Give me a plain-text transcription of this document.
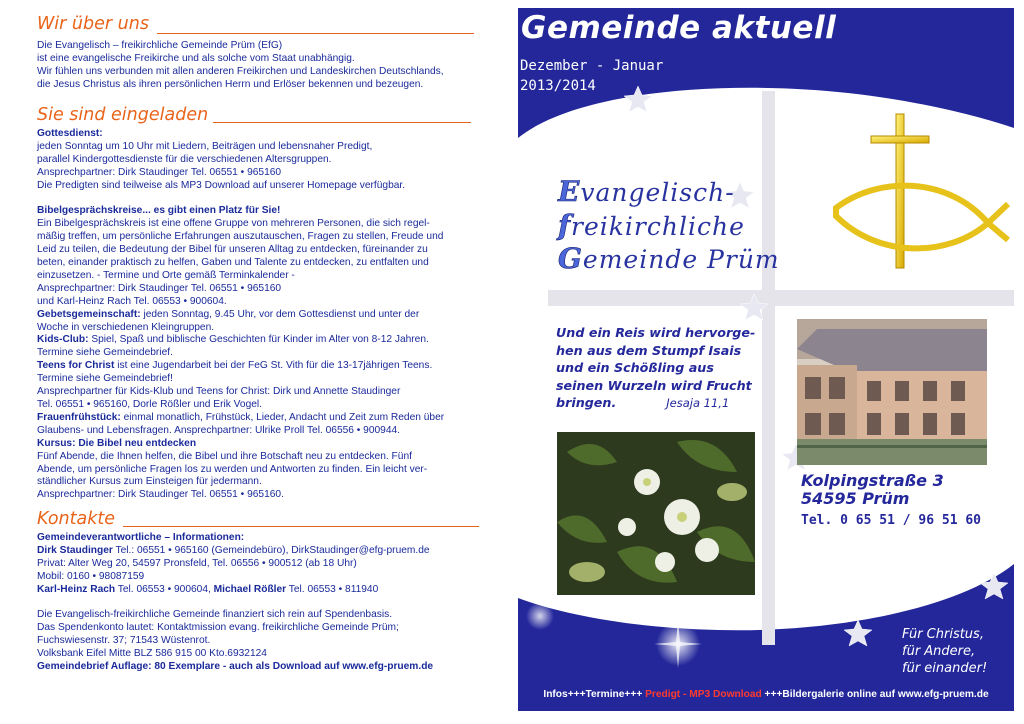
Wir über uns

Die Evangelisch – freikirchliche Gemeinde Prüm (EfG)

ist eine evangelische Freikirche und als solche vom Staat unabhängig.

Wir fühlen uns verbunden mit allen anderen Freikirchen und Landeskirchen Deutschlands,

die Jesus Christus als ihren persönlichen Herrn und Erlöser bekennen und bezeugen.

Sie sind eingeladen

Gottesdienst:

jeden Sonntag um 10 Uhr mit Liedern, Beiträgen und lebensnaher Predigt,

parallel Kindergottesdienste für die verschiedenen Altersgruppen.

Ansprechpartner: Dirk Staudinger Tel. 06551 • 965160

Die Predigten sind teilweise als MP3 Download auf unserer Homepage verfügbar.

Bibelgesprächskreise... es gibt einen Platz für Sie!

Ein Bibelgesprächskreis ist eine offene Gruppe von mehreren Personen, die sich regel-

mäßig treffen, um persönliche Erfahrungen auszutauschen, Fragen zu stellen, Freude und

Leid zu teilen, die Bedeutung der Bibel für unseren Alltag zu entdecken, füreinander zu

beten, einander praktisch zu helfen, Gaben und Talente zu entdecken, zu entfalten und

einzusetzen. - Termine und Orte gemäß Terminkalender -

Ansprechpartner: Dirk Staudinger Tel. 06551 • 965160

und Karl-Heinz Rach Tel. 06553 • 900604.

Gebetsgemeinschaft: jeden Sonntag, 9.45 Uhr, vor dem Gottesdienst und unter der

Woche in verschiedenen Kleingruppen.

Kids-Club: Spiel, Spaß und biblische Geschichten für Kinder im Alter von 8-12 Jahren.

Termine siehe Gemeindebrief.

Teens for Christ ist eine Jugendarbeit bei der FeG St. Vith für die 13-17jährigen Teens.

Termine siehe Gemeindebrief!

Ansprechpartner für Kids-Klub und Teens for Christ: Dirk und Annette Staudinger

Tel. 06551 • 965160, Dorle Rößler und Erik Vogel.

Frauenfrühstück: einmal monatlich, Frühstück, Lieder, Andacht und Zeit zum Reden über

Glaubens- und Lebensfragen. Ansprechpartner: Ulrike Proll Tel. 06556 • 900944.

Kursus: Die Bibel neu entdecken

Fünf Abende, die Ihnen helfen, die Bibel und ihre Botschaft neu zu entdecken. Fünf

Abende, um persönliche Fragen los zu werden und Antworten zu finden. Ein leicht ver-

ständlicher Kursus zum Einsteigen für jedermann.

Ansprechpartner: Dirk Staudinger Tel. 06551 • 965160.

Kontakte

Gemeindeverantwortliche – Informationen:

Dirk Staudinger Tel.: 06551 • 965160 (Gemeindebüro), DirkStaudinger@efg-pruem.de

Privat: Alter Weg 20, 54597 Pronsfeld, Tel. 06556 • 900512 (ab 18 Uhr)

Mobil: 0160 • 98087159

Karl-Heinz Rach Tel. 06553 • 900604, Michael Rößler Tel. 06553 • 811940

Die Evangelisch-freikirchliche Gemeinde finanziert sich rein auf Spendenbasis.

Das Spendenkonto lautet: Kontaktmission evang. freikirchliche Gemeinde Prüm;

Fuchswiesenstr. 37; 71543 Wüstenrot.

Volksbank Eifel Mitte BLZ 586 915 00 Kto.6932124

Gemeindebrief Auflage: 80 Exemplare - auch als Download auf www.efg-pruem.de

Gemeinde aktuell
Dezember - Januar
2013/2014
Evangelisch-
freikirchliche
Gemeinde Prüm
Und ein Reis wird hervorge-
hen aus dem Stumpf Isais
und ein Schößling aus
seinen Wurzeln wird Frucht
bringen.	Jesaja 11,1
Kolpingstraße 3
54595 Prüm
Tel. 0 65 51 / 96 51 60
Für Christus,
für Andere,
für einander!
Infos+++Termine+++ Predigt - MP3 Download +++Bildergalerie online auf www.efg-pruem.de
